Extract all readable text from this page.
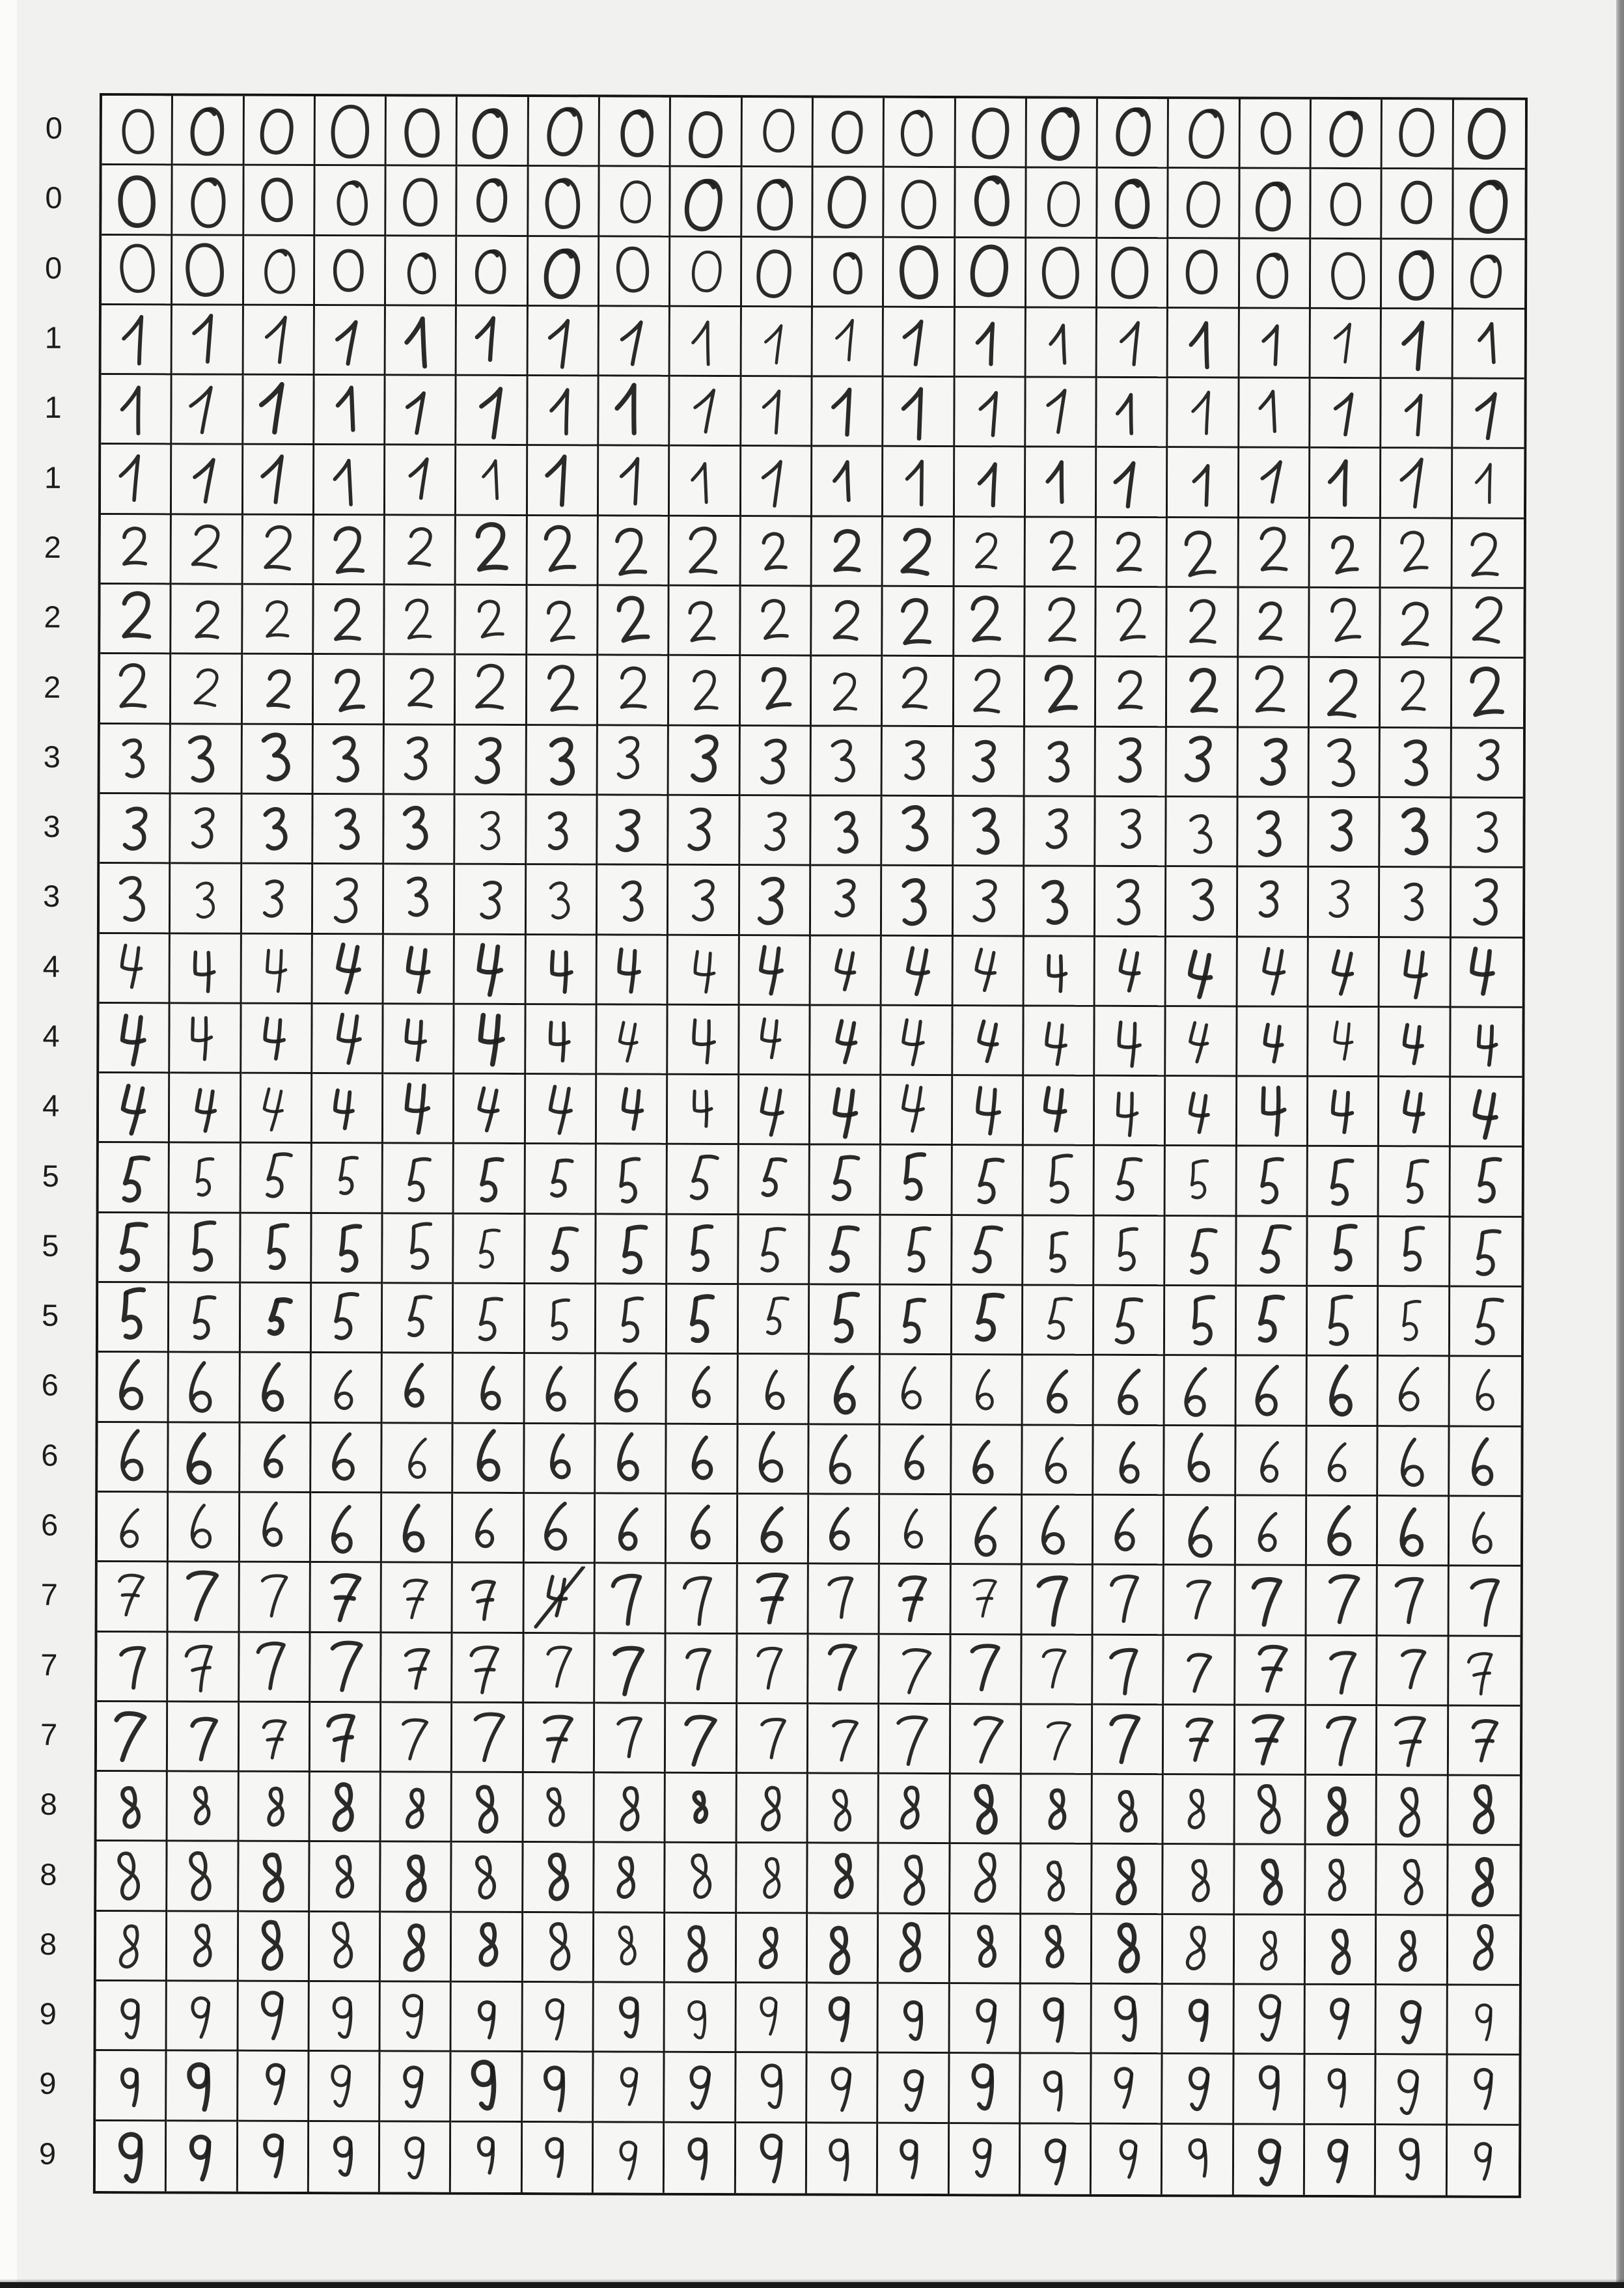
0
0
0
1
1
1
2
2
2
3
3
3
4
4
4
5
5
5
6
6
6
7
7
7
8
8
8
9
9
9
